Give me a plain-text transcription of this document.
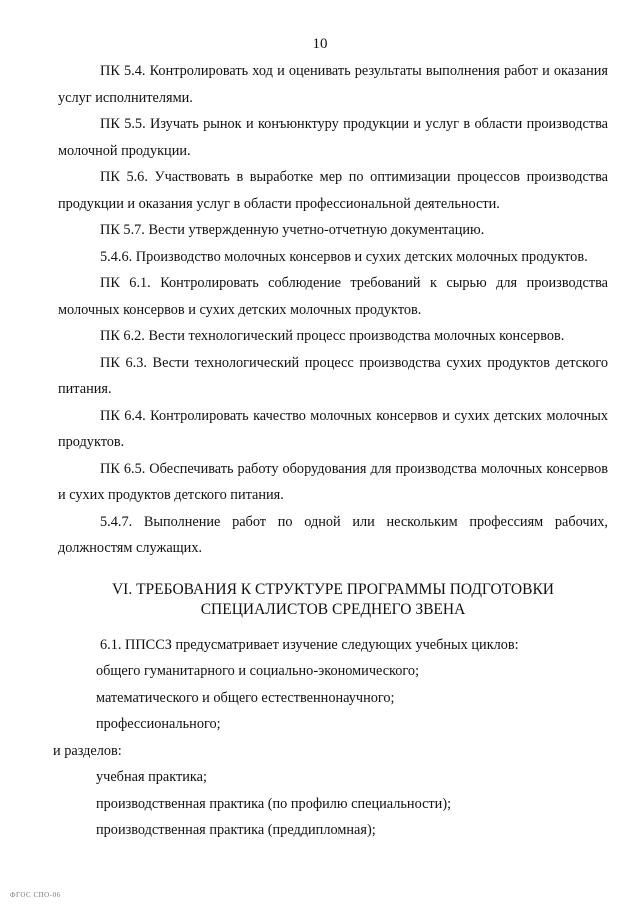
10

ПК 5.4. Контролировать ход и оценивать результаты выполнения работ и оказания услуг исполнителями.

ПК 5.5. Изучать рынок и конъюнктуру продукции и услуг в области производства молочной продукции.

ПК 5.6. Участвовать в выработке мер по оптимизации процессов производства продукции и оказания услуг в области профессиональной деятельности.

ПК 5.7. Вести утвержденную учетно-отчетную документацию.

5.4.6. Производство молочных консервов и сухих детских молочных продуктов.

ПК 6.1. Контролировать соблюдение требований к сырью для производства молочных консервов и сухих детских молочных продуктов.

ПК 6.2. Вести технологический процесс производства молочных консервов.

ПК 6.3. Вести технологический процесс производства сухих продуктов детского питания.

ПК 6.4. Контролировать качество молочных консервов и сухих детских молочных продуктов.

ПК 6.5. Обеспечивать работу оборудования для производства молочных консервов и сухих продуктов детского питания.

5.4.7. Выполнение работ по одной или нескольким профессиям рабочих, должностям служащих.

VI. ТРЕБОВАНИЯ К СТРУКТУРЕ ПРОГРАММЫ ПОДГОТОВКИ
СПЕЦИАЛИСТОВ СРЕДНЕГО ЗВЕНА

6.1. ППССЗ предусматривает изучение следующих учебных циклов:

общего гуманитарного и социально-экономического;

математического и общего естественнонаучного;

профессионального;

и разделов:

учебная практика;

производственная практика (по профилю специальности);

производственная практика (преддипломная);

ФГОС СПО-06
